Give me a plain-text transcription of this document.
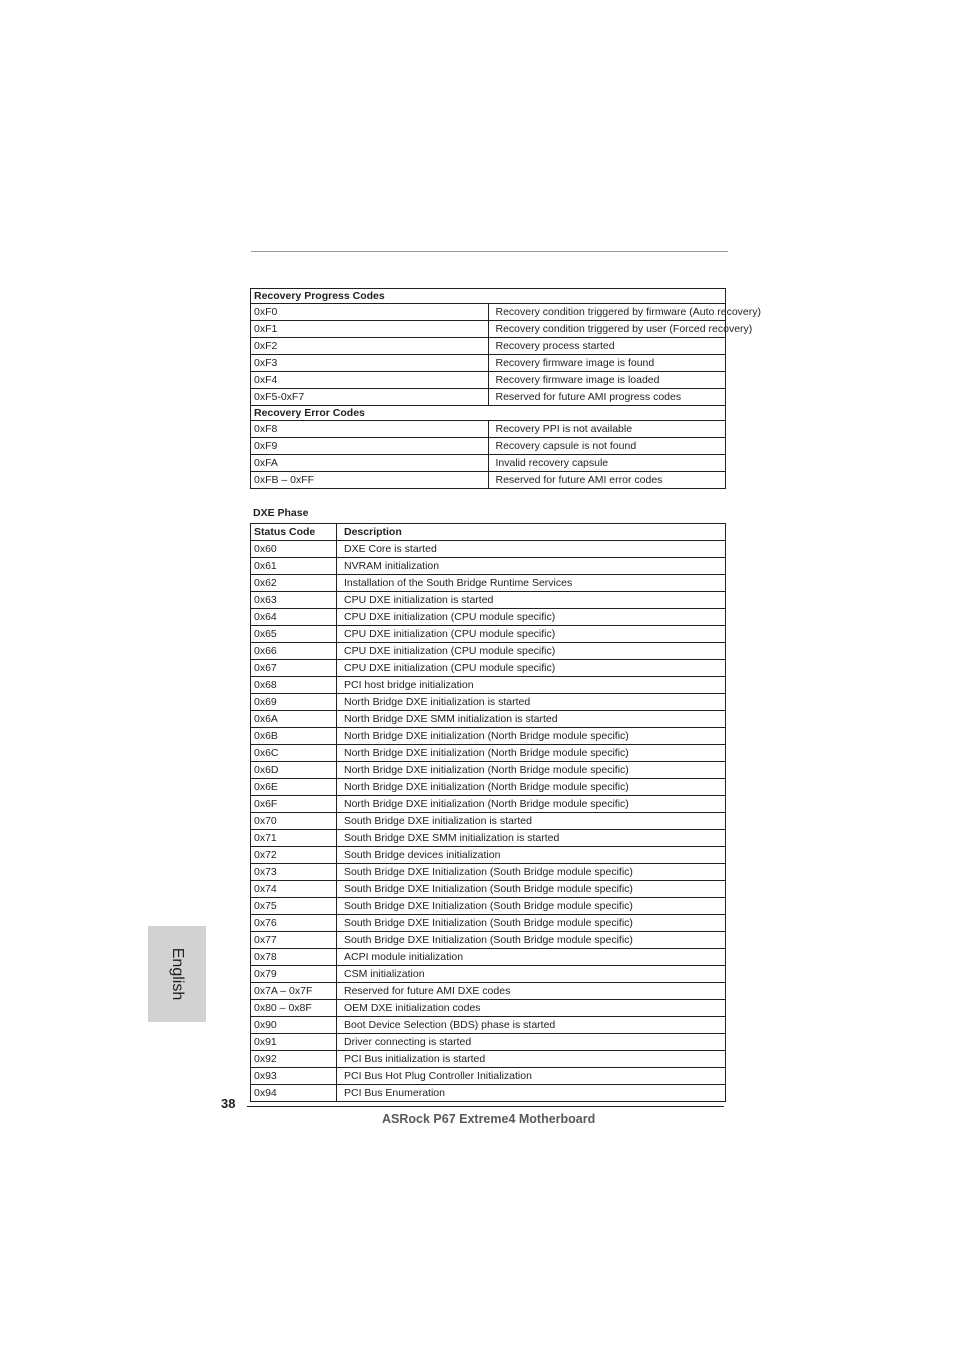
Recovery Progress Codes	
0xF0	Recovery condition triggered by firmware (Auto recovery)
0xF1	Recovery condition triggered by user (Forced recovery)
0xF2	Recovery process started
0xF3	Recovery firmware image is found
0xF4	Recovery firmware image is loaded
0xF5-0xF7	Reserved for future AMI progress codes
Recovery Error Codes	
0xF8	Recovery PPI is not available
0xF9	Recovery capsule is not found
0xFA	Invalid recovery capsule
0xFB – 0xFF	Reserved for future AMI error codes
DXE Phase
Status Code	Description
0x60	DXE Core is started
0x61	NVRAM initialization
0x62	Installation of the South Bridge Runtime Services
0x63	CPU DXE initialization is started
0x64	CPU DXE initialization (CPU module specific)
0x65	CPU DXE initialization (CPU module specific)
0x66	CPU DXE initialization (CPU module specific)
0x67	CPU DXE initialization (CPU module specific)
0x68	PCI host bridge initialization
0x69	North Bridge DXE initialization is started
0x6A	North Bridge DXE SMM initialization is started
0x6B	North Bridge DXE initialization (North Bridge module specific)
0x6C	North Bridge DXE initialization (North Bridge module specific)
0x6D	North Bridge DXE initialization (North Bridge module specific)
0x6E	North Bridge DXE initialization (North Bridge module specific)
0x6F	North Bridge DXE initialization (North Bridge module specific)
0x70	South Bridge DXE initialization is started
0x71	South Bridge DXE SMM initialization is started
0x72	South Bridge devices initialization
0x73	South Bridge DXE Initialization (South Bridge module specific)
0x74	South Bridge DXE Initialization (South Bridge module specific)
0x75	South Bridge DXE Initialization (South Bridge module specific)
0x76	South Bridge DXE Initialization (South Bridge module specific)
0x77	South Bridge DXE Initialization (South Bridge module specific)
0x78	ACPI module initialization
0x79	CSM initialization
0x7A – 0x7F	Reserved for future AMI DXE codes
0x80 – 0x8F	OEM DXE initialization codes
0x90	Boot Device Selection (BDS) phase is started
0x91	Driver connecting is started
0x92	PCI Bus initialization is started
0x93	PCI Bus Hot Plug Controller Initialization
0x94	PCI Bus Enumeration
English
38
ASRock P67 Extreme4 Motherboard
